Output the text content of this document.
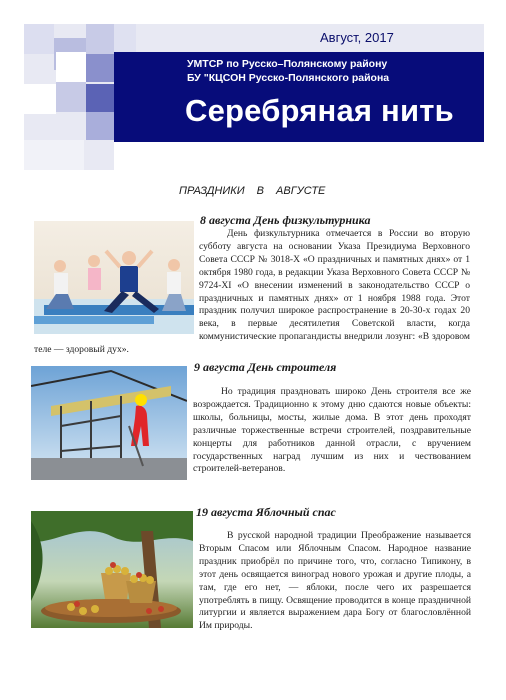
Август, 2017
УМТСР по Русско–Полянскому району
БУ "КЦСОН Русско-Полянского района
Серебряная нить
ПРАЗДНИКИ В АВГУСТЕ
8 августа День физкультурника

День физкультурника отмечается в России во вторую субботу августа на основании Указа Президиума Верховного Совета СССР № 3018-X «О праздничных и памятных днях» от 1 октября 1980 года, в редакции Указа Верховного Совета СССР № 9724-XI «О внесении изменений в законодательство СССР о праздничных и памятных днях» от 1 ноября 1988 года. Этот праздник получил широкое распространение в 20-30-х годах 20 века, в первые десятилетия Советской власти, когда коммунистические пропагандисты внедрили лозунг: «В здоровом теле — здоровый дух».

9 августа День строителя

Но традиция праздновать широко День строителя все же возрождается. Традиционно к этому дню сдаются новые объекты: школы, больницы, мосты, жилые дома. В этот день проходят различные торжественные встречи строителей, поздравительные концерты для работников данной отрасли, с вручением государственных наград лучшим из них и чествованием строителей-ветеранов.

19 августа Яблочный спас

В русской народной традиции Преображение называется Вторым Спасом или Яблочным Спасом. Народное название праздник приобрёл по причине того, что, согласно Типикону, в этот день освящается виноград нового урожая и другие плоды, а там, где его нет, — яблоки, после чего их разрешается употреблять в пищу. Освящение проводится в конце праздничной литургии и является выражением дара Богу от благословлённой Им природы.
